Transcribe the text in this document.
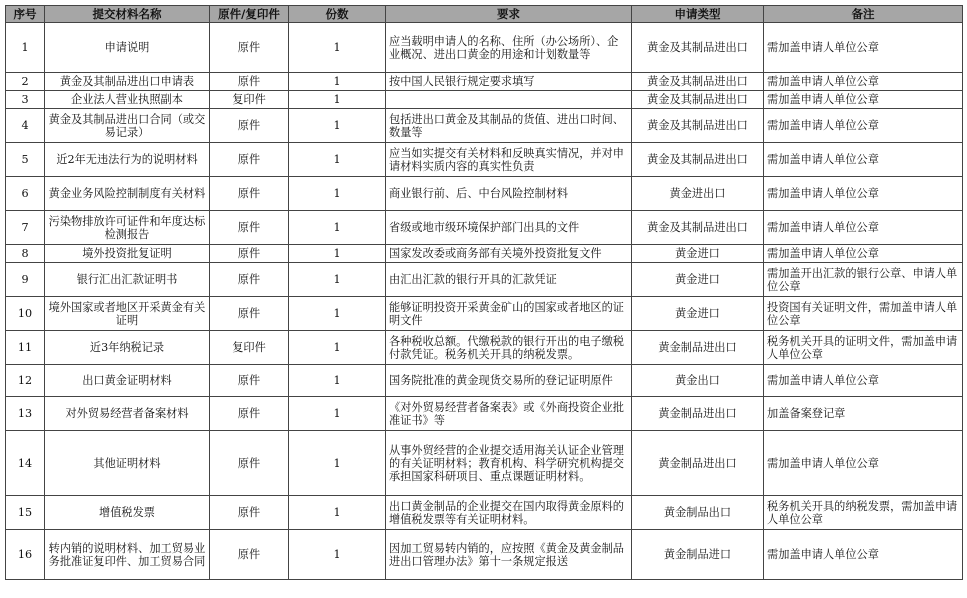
序号	提交材料名称	原件/复印件	份数	要求	申请类型	备注
1	申请说明	原件	1	应当载明申请人的名称、住所（办公场所）、企业概况、进出口黄金的用途和计划数量等	黄金及其制品进出口	需加盖申请人单位公章
2	黄金及其制品进出口申请表	原件	1	按中国人民银行规定要求填写	黄金及其制品进出口	需加盖申请人单位公章
3	企业法人营业执照副本	复印件	1		黄金及其制品进出口	需加盖申请人单位公章
4	黄金及其制品进出口合同（或交易记录）	原件	1	包括进出口黄金及其制品的货值、进出口时间、数量等	黄金及其制品进出口	需加盖申请人单位公章
5	近2年无违法行为的说明材料	原件	1	应当如实提交有关材料和反映真实情况，并对申请材料实质内容的真实性负责	黄金及其制品进出口	需加盖申请人单位公章
6	黄金业务风险控制制度有关材料	原件	1	商业银行前、后、中台风险控制材料	黄金进出口	需加盖申请人单位公章
7	污染物排放许可证件和年度达标检测报告	原件	1	省级或地市级环境保护部门出具的文件	黄金及其制品进出口	需加盖申请人单位公章
8	境外投资批复证明	原件	1	国家发改委或商务部有关境外投资批复文件	黄金进口	需加盖申请人单位公章
9	银行汇出汇款证明书	原件	1	由汇出汇款的银行开具的汇款凭证	黄金进口	需加盖开出汇款的银行公章、申请人单位公章
10	境外国家或者地区开采黄金有关证明	原件	1	能够证明投资开采黄金矿山的国家或者地区的证明文件	黄金进口	投资国有关证明文件，需加盖申请人单位公章
11	近3年纳税记录	复印件	1	各种税收总额。代缴税款的银行开出的电子缴税付款凭证。税务机关开具的纳税发票。	黄金制品进出口	税务机关开具的证明文件，需加盖申请人单位公章
12	出口黄金证明材料	原件	1	国务院批准的黄金现货交易所的登记证明原件	黄金出口	需加盖申请人单位公章
13	对外贸易经营者备案材料	原件	1	《对外贸易经营者备案表》或《外商投资企业批准证书》等	黄金制品进出口	加盖备案登记章
14	其他证明材料	原件	1	从事外贸经营的企业提交适用海关认证企业管理的有关证明材料；教育机构、科学研究机构提交承担国家科研项目、重点课题证明材料。	黄金制品进出口	需加盖申请人单位公章
15	增值税发票	原件	1	出口黄金制品的企业提交在国内取得黄金原料的增值税发票等有关证明材料。	黄金制品出口	税务机关开具的纳税发票，需加盖申请人单位公章
16	转内销的说明材料、加工贸易业务批准证复印件、加工贸易合同	原件	1	因加工贸易转内销的，应按照《黄金及黄金制品进出口管理办法》第十一条规定报送	黄金制品进口	需加盖申请人单位公章
